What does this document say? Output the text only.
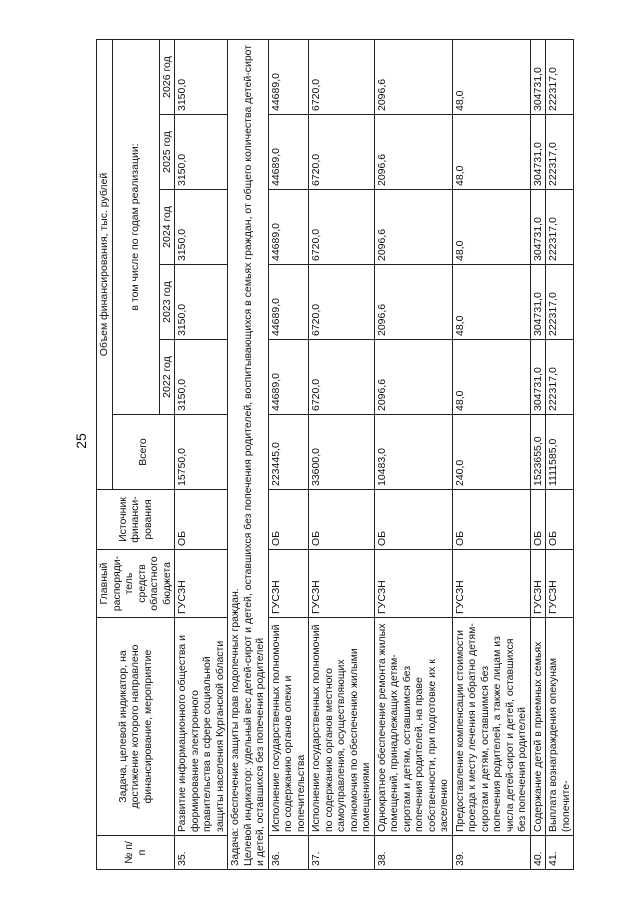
25
№ п/п	Задача, целевой индикатор, на достижение которого направлено финансирование, мероприятие	Главный распоряди-тель средств областного бюджета	Источник финанси-рования	Объем финансирования, тыс. рублей					
				Всего	в том числе по годам реализации:				
					2022 год	2023 год	2024 год	2025 год	2026 год
35.	Развитие информационного общества и формирование электронного правительства в сфере социальной защиты населения Курганской области	ГУСЗН	ОБ	15750,0	3150,0	3150,0	3150,0	3150,0	3150,0

Задача: обеспечение защиты прав подопечных граждан. Целевой индикатор: удельный вес детей-сирот и детей, оставшихся без попечения родителей, воспитывающихся в семьях граждан, от общего количества детей-сирот и детей, оставшихся без попечения родителей									

36.	Исполнение государственных полномочий по содержанию органов опеки и попечительства	ГУСЗН	ОБ	223445,0	44689,0	44689,0	44689,0	44689,0	44689,0
37.	Исполнение государственных полномочий по содержанию органов местного самоуправления, осуществляющих полномочия по обеспечению жилыми помещениями	ГУСЗН	ОБ	33600,0	6720,0	6720,0	6720,0	6720,0	6720,0
38.	Однократное обеспечение ремонта жилых помещений, принадлежащих детям-сиротам и детям, оставшимся без попечения родителей, на праве собственности, при подготовке их к заселению	ГУСЗН	ОБ	10483,0	2096,6	2096,6	2096,6	2096,6	2096,6
39.	Предоставление компенсации стоимости проезда к месту лечения и обратно детям-сиротам и детям, оставшимся без попечения родителей, а также лицам из числа детей-сирот и детей, оставшихся без попечения родителей	ГУСЗН	ОБ	240,0	48,0	48,0	48,0	48,0	48,0
40.	Содержание детей в приемных семьях	ГУСЗН	ОБ	1523655,0	304731,0	304731,0	304731,0	304731,0	304731,0
41.	Выплата вознаграждения опекунам (попечите-	ГУСЗН	ОБ	1111585,0	222317,0	222317,0	222317,0	222317,0	222317,0
